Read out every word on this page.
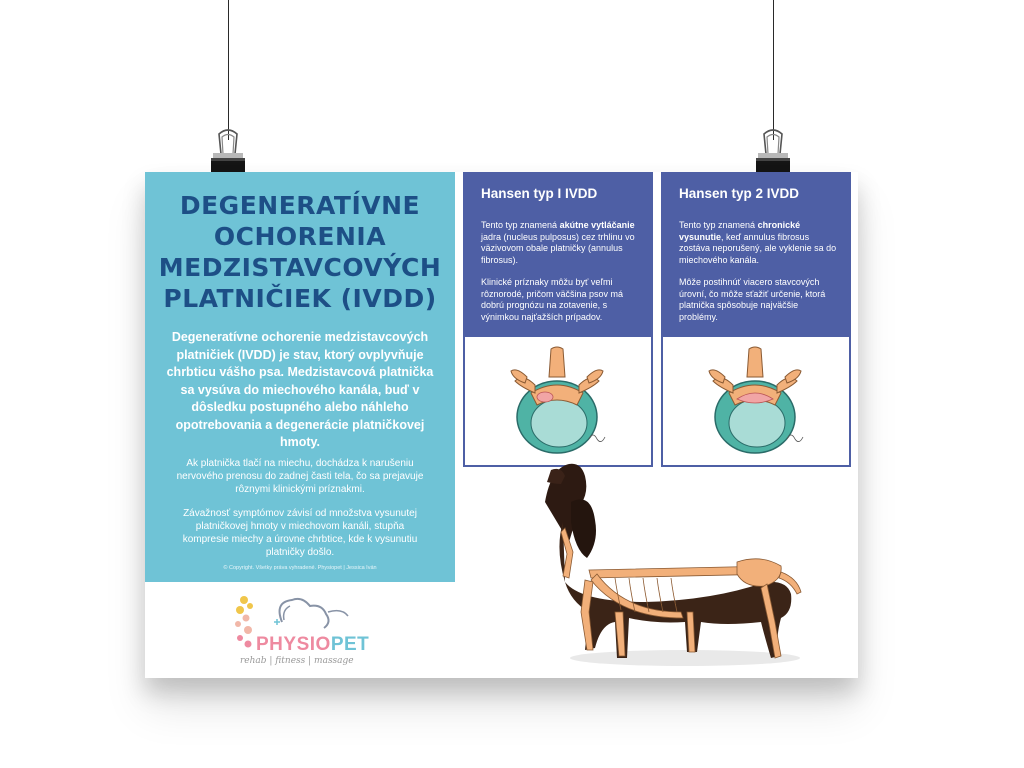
DEGENERATÍVNE OCHORENIA MEDZISTAVCOVÝCH PLATNIČIEK (IVDD)

Degeneratívne ochorenie medzistavcových platničiek (IVDD) je stav, ktorý ovplyvňuje chrbticu vášho psa. Medzistavcová platnička sa vysúva do miechového kanála, buď v dôsledku postupného alebo náhleho opotrebovania a degenerácie platničkovej hmoty.

Ak platnička tlačí na miechu, dochádza k narušeniu nervového prenosu do zadnej časti tela, čo sa prejavuje rôznymi klinickými príznakmi.

Závažnosť symptómov závisí od množstva vysunutej platničkovej hmoty v miechovom kanáli, stupňa kompresie miechy a úrovne chrbtice, kde k vysunutiu platničky došlo.

© Copyright. Všetky práva vyhradené. Physiopet | Jessica Iván
Hansen typ I IVDD

Tento typ znamená akútne vytláčanie jadra (nucleus pulposus) cez trhlinu vo väzivovom obale platničky (annulus fibrosus).

Klinické príznaky môžu byť veľmi rôznorodé, pričom väčšina psov má dobrú prognózu na zotavenie, s výnimkou najťažších prípadov.

Hansen typ 2 IVDD

Tento typ znamená chronické vysunutie, keď annulus fibrosus zostáva neporušený, ale vyklenie sa do miechového kanála.

Môže postihnúť viacero stavcových úrovní, čo môže sťažiť určenie, ktorá platnička spôsobuje najväčšie problémy.

PHYSIOPET
rehab | fitness | massage
